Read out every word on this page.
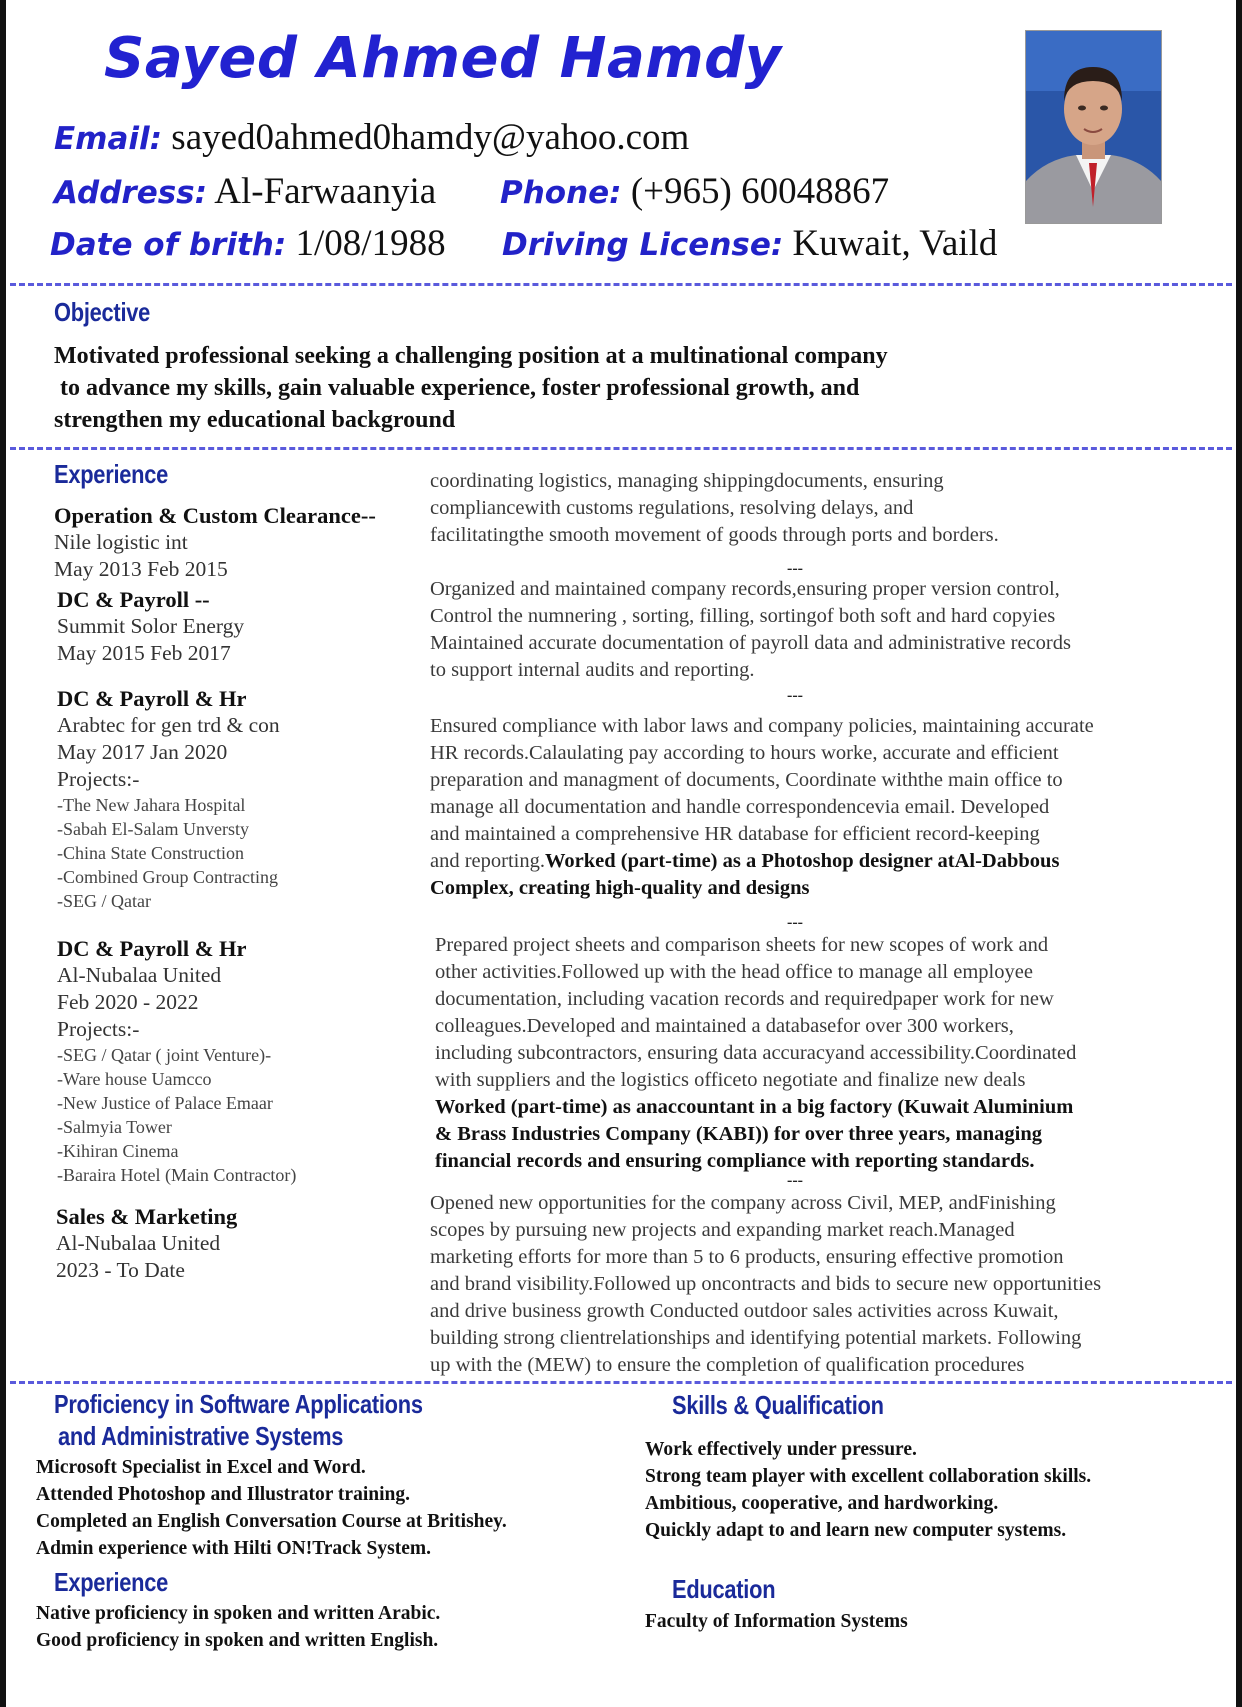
Sayed Ahmed Hamdy
Email: sayed0ahmed0hamdy@yahoo.com
Address: Al-Farwaanyia Phone: (+965) 60048867
Date of brith: 1/08/1988 Driving License: Kuwait, Vaild
Objective
Motivated professional seeking a challenging position at a multinational company
to advance my skills, gain valuable experience, foster professional growth, and
strengthen my educational background
Experience
Operation & Custom Clearance--
Nile logistic int
May 2013 Feb 2015
DC & Payroll --
Summit Solor Energy
May 2015 Feb 2017
DC & Payroll & Hr
Arabtec for gen trd & con
May 2017 Jan 2020
Projects:-
-The New Jahara Hospital
-Sabah El-Salam Unversty
-China State Construction
-Combined Group Contracting
-SEG / Qatar
DC & Payroll & Hr
Al-Nubalaa United
Feb 2020 - 2022
Projects:-
-SEG / Qatar ( joint Venture)-
-Ware house Uamcco
-New Justice of Palace Emaar
-Salmyia Tower
-Kihiran Cinema
-Baraira Hotel (Main Contractor)
Sales & Marketing
Al-Nubalaa United
2023 - To Date
coordinating logistics, managing shippingdocuments, ensuring
compliancewith customs regulations, resolving delays, and
facilitatingthe smooth movement of goods through ports and borders.
---
Organized and maintained company records,ensuring proper version control,
Control the numnering , sorting, filling, sortingof both soft and hard copyies
Maintained accurate documentation of payroll data and administrative records
to support internal audits and reporting.
---
Ensured compliance with labor laws and company policies, maintaining accurate
HR records.Calaulating pay according to hours worke, accurate and efficient
preparation and managment of documents, Coordinate withthe main office to
manage all documentation and handle correspondencevia email. Developed
and maintained a comprehensive HR database for efficient record-keeping
and reporting.Worked (part-time) as a Photoshop designer atAl-Dabbous
Complex, creating high-quality and designs
---
Prepared project sheets and comparison sheets for new scopes of work and
other activities.Followed up with the head office to manage all employee
documentation, including vacation records and requiredpaper work for new
colleagues.Developed and maintained a databasefor over 300 workers,
including subcontractors, ensuring data accuracyand accessibility.Coordinated
with suppliers and the logistics officeto negotiate and finalize new deals
Worked (part-time) as anaccountant in a big factory (Kuwait Aluminium
& Brass Industries Company (KABI)) for over three years, managing
financial records and ensuring compliance with reporting standards.
---
Opened new opportunities for the company across Civil, MEP, andFinishing
scopes by pursuing new projects and expanding market reach.Managed
marketing efforts for more than 5 to 6 products, ensuring effective promotion
and brand visibility.Followed up oncontracts and bids to secure new opportunities
and drive business growth Conducted outdoor sales activities across Kuwait,
building strong clientrelationships and identifying potential markets. Following
up with the (MEW) to ensure the completion of qualification procedures
Proficiency in Software Applications
and Administrative Systems
Microsoft Specialist in Excel and Word.
Attended Photoshop and Illustrator training.
Completed an English Conversation Course at Britishey.
Admin experience with Hilti ON!Track System.
Experience
Native proficiency in spoken and written Arabic.
Good proficiency in spoken and written English.
Skills & Qualification
Work effectively under pressure.
Strong team player with excellent collaboration skills.
Ambitious, cooperative, and hardworking.
Quickly adapt to and learn new computer systems.
Education
Faculty of Information Systems
